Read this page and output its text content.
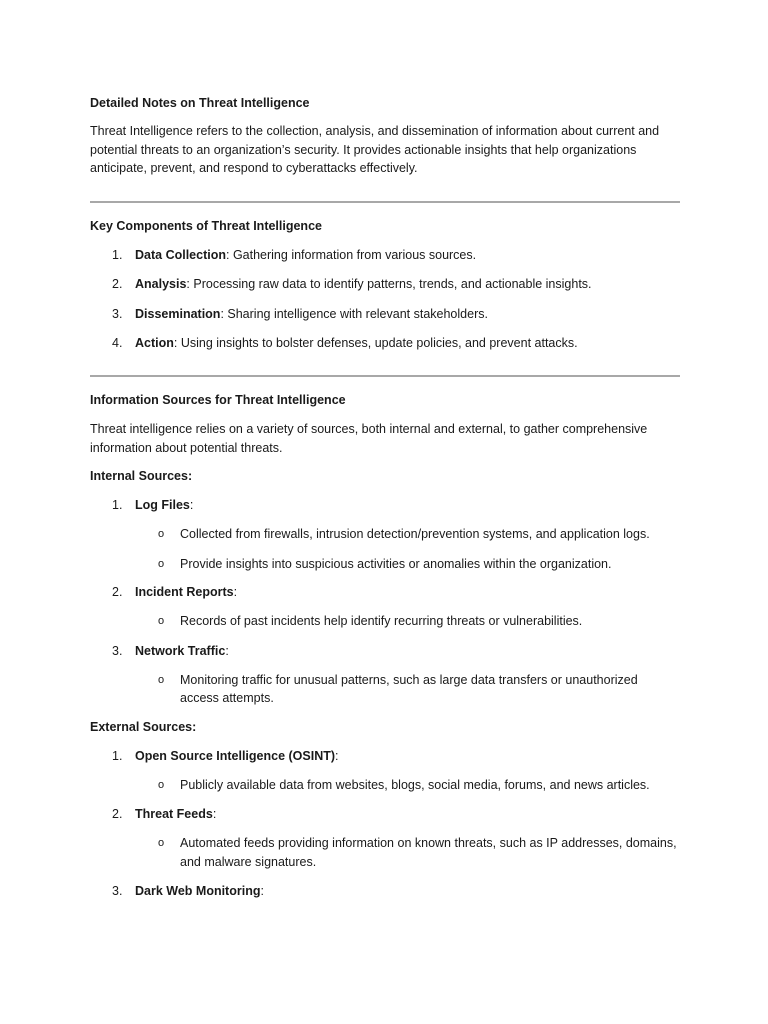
Detailed Notes on Threat Intelligence

Threat Intelligence refers to the collection, analysis, and dissemination of information about current and potential threats to an organization’s security. It provides actionable insights that help organizations anticipate, prevent, and respond to cyberattacks effectively.

Key Components of Threat Intelligence

1. Data Collection: Gathering information from various sources.
2. Analysis: Processing raw data to identify patterns, trends, and actionable insights.
3. Dissemination: Sharing intelligence with relevant stakeholders.
4. Action: Using insights to bolster defenses, update policies, and prevent attacks.

Information Sources for Threat Intelligence

Threat intelligence relies on a variety of sources, both internal and external, to gather comprehensive information about potential threats.

Internal Sources:

1. Log Files:
o Collected from firewalls, intrusion detection/prevention systems, and application logs.
o Provide insights into suspicious activities or anomalies within the organization.
2. Incident Reports:
o Records of past incidents help identify recurring threats or vulnerabilities.
3. Network Traffic:
o Monitoring traffic for unusual patterns, such as large data transfers or unauthorized access attempts.

External Sources:

1. Open Source Intelligence (OSINT):
o Publicly available data from websites, blogs, social media, forums, and news articles.
2. Threat Feeds:
o Automated feeds providing information on known threats, such as IP addresses, domains, and malware signatures.
3. Dark Web Monitoring:
